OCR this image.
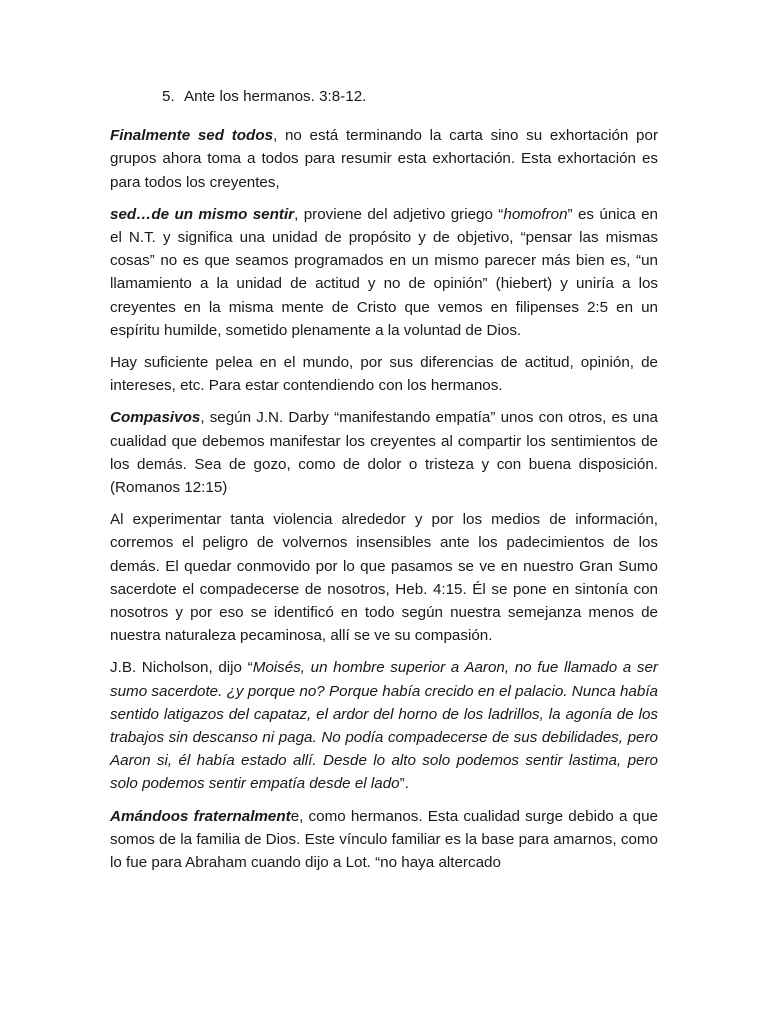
5. Ante los hermanos. 3:8-12.

Finalmente sed todos, no está terminando la carta sino su exhortación por grupos ahora toma a todos para resumir esta exhortación. Esta exhortación es para todos los creyentes,

sed…de un mismo sentir, proviene del adjetivo griego “homofron” es única en el N.T. y significa una unidad de propósito y de objetivo, “pensar las mismas cosas” no es que seamos programados en un mismo parecer más bien es, “un llamamiento a la unidad de actitud y no de opinión” (hiebert) y uniría a los creyentes en la misma mente de Cristo que vemos en filipenses 2:5 en un espíritu humilde, sometido plenamente a la voluntad de Dios.

Hay suficiente pelea en el mundo, por sus diferencias de actitud, opinión, de intereses, etc. Para estar contendiendo con los hermanos.

Compasivos, según J.N. Darby “manifestando empatía” unos con otros, es una cualidad que debemos manifestar los creyentes al compartir los sentimientos de los demás. Sea de gozo, como de dolor o tristeza y con buena disposición. (Romanos 12:15)

Al experimentar tanta violencia alrededor y por los medios de información, corremos el peligro de volvernos insensibles ante los padecimientos de los demás. El quedar conmovido por lo que pasamos se ve en nuestro Gran Sumo sacerdote el compadecerse de nosotros, Heb. 4:15. Él se pone en sintonía con nosotros y por eso se identificó en todo según nuestra semejanza menos de nuestra naturaleza pecaminosa, allí se ve su compasión.

J.B. Nicholson, dijo “Moisés, un hombre superior a Aaron, no fue llamado a ser sumo sacerdote. ¿y porque no? Porque había crecido en el palacio. Nunca había sentido latigazos del capataz, el ardor del horno de los ladrillos, la agonía de los trabajos sin descanso ni paga. No podía compadecerse de sus debilidades, pero Aaron si, él había estado allí. Desde lo alto solo podemos sentir lastima, pero solo podemos sentir empatía desde el lado”.

Amándoos fraternalmente, como hermanos. Esta cualidad surge debido a que somos de la familia de Dios. Este vínculo familiar es la base para amarnos, como lo fue para Abraham cuando dijo a Lot. “no haya altercado
